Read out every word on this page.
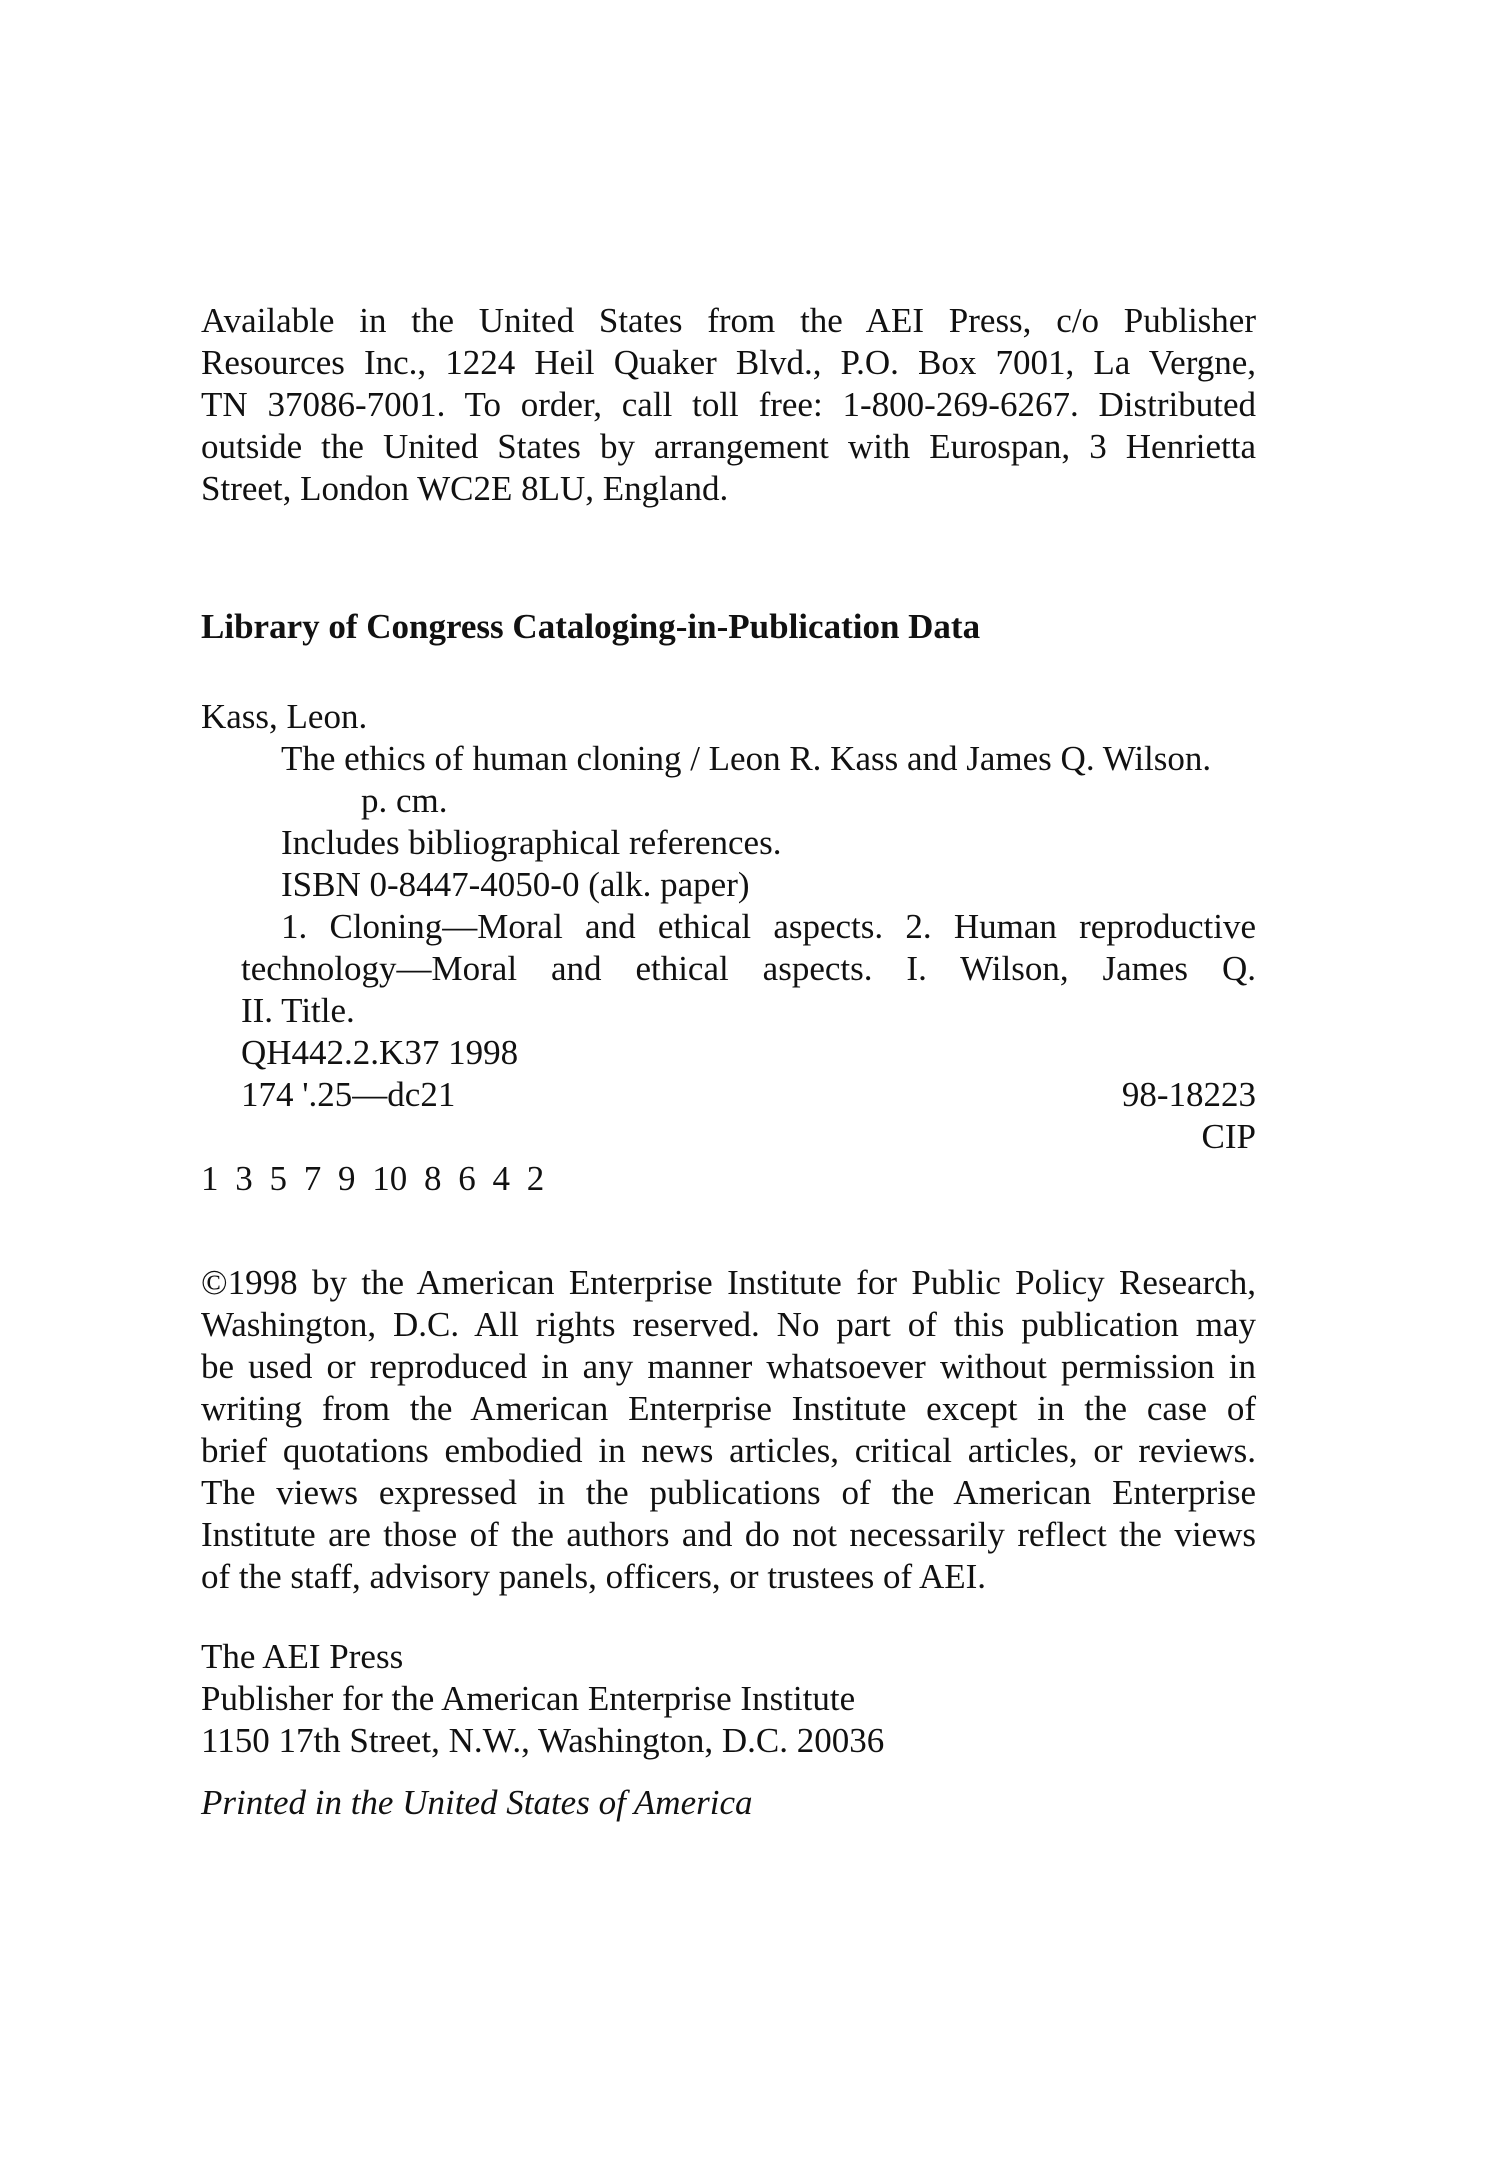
Available in the United States from the AEI Press, c/o Publisher

Resources Inc., 1224 Heil Quaker Blvd., P.O. Box 7001, La Vergne,

TN 37086-7001. To order, call toll free: 1-800-269-6267. Distributed

outside the United States by arrangement with Eurospan, 3 Henrietta

Street, London WC2E 8LU, England.

Library of Congress Cataloging-in-Publication Data
Kass, Leon.
The ethics of human cloning / Leon R. Kass and James Q. Wilson.
p. cm.
Includes bibliographical references.
ISBN 0-8447-4050-0 (alk. paper)

1. Cloning—Moral and ethical aspects. 2. Human reproductive

technology—Moral and ethical aspects. I. Wilson, James Q.

II. Title.

QH442.2.K37 1998
174 '.25—dc21	98-18223
CIP
1 3 5 7 9 10 8 6 4 2

©1998 by the American Enterprise Institute for Public Policy Research,

Washington, D.C. All rights reserved. No part of this publication may

be used or reproduced in any manner whatsoever without permission in

writing from the American Enterprise Institute except in the case of

brief quotations embodied in news articles, critical articles, or reviews.

The views expressed in the publications of the American Enterprise

Institute are those of the authors and do not necessarily reflect the views

of the staff, advisory panels, officers, or trustees of AEI.

The AEI Press
Publisher for the American Enterprise Institute
1150 17th Street, N.W., Washington, D.C. 20036
Printed in the United States of America
